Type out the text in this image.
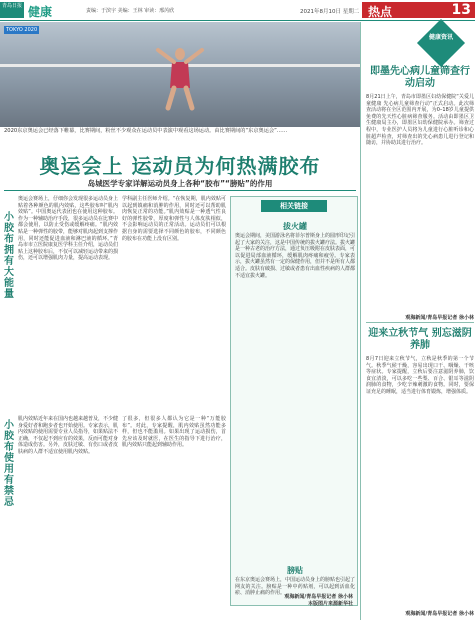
青岛日报 健康	责编：于滨宇 美编：王林 审读：邢芮欣	2021年8月10日 星期二 热点	13
TOKYO 2020
2020东京奥运会已经落下帷幕，比赛期间，粉丝不少观众在运动员中表演中观看这场运动。由比赛期间的“东京奥运会”……
奥运会上 运动员为何热满胶布
岛城医学专家详解运动员身上各种“胶布”“膀贴”的作用
小胶布拥有大能量
小胶布使用有禁忌
奥运会赛场上，仔细你会发现很多运动员身上贴着各种颜色的肌内效贴，这些胶布叫“肌内效贴”。中国奥运代表团也在使用这种胶布。作为一种辅助治疗手段，很多运动员在比赛中都会使用，以防止受伤或缓解疼痛。“肌内效贴是一种弹性的胶带，能够对肌肉起到支撑作用，同时还能促进血液和淋巴液的循环。”青岛市市立医院康复医学科主任介绍，运动员们贴上这种胶布后，不仅可以减轻运动带来的损伤，还可以增强肌肉力量，提高运动表现。
肌内效贴近年来在国内也越来越普及，不少健身爱好者和跑步者也开始使用。专家表示，肌内效贴的使用需要专业人员指导，如果贴法不正确，不仅起不到应有的效果，反而可能对身体造成伤害。另外，皮肤过敏、有伤口或者皮肤病的人群不适宜使用肌内效贴。
学科副主任医师介绍。“在恢复期，肌内效贴可以起到镇痛和消肿的作用，同时还可以帮助肌肉恢复正常的功能。”肌内效贴是一种透气性良好的弹性胶带，厚度和弹性与人体皮肤相似，不会影响运动员的正常活动。运动员们可以根据自身的需要选择不同颜色的胶布，不同颜色的胶布在功能上没有区别。
了很多，但很多人都认为它是一种“万能胶布”。对此，专家提醒，肌内效贴虽然功能多样，但也不能滥用。如果出现了运动损伤，首先应该及时就医，在医生的指导下进行治疗，肌内效贴只能起到辅助作用。
相关链接
拔火罐
奥运会期间，美国游泳名将菲尔普斯身上的圆形印记引起了大家的关注，这是中国传统的拔火罐疗法。拔火罐是一种古老的治疗方法，通过负压吸附在皮肤表面，可以促进局部血液循环，缓解肌肉疼痛和疲劳。专家表示，拔火罐虽然有一定的保健作用，但并不是所有人都适合。皮肤有破损、过敏或者患有出血性疾病的人群都不适宜拔火罐。
膀贴
在东京奥运会赛场上，中国运动员身上的膀贴也引起了网友的关注。膀贴是一种中药贴剂，可以起到活血化瘀、消肿止痛的作用。
观海新闻/青岛早报记者 徐小林
本版图片来源新华社
健康资讯
即墨先心病儿童筛查行动启动
8月21日上午，青岛市即墨区妇幼保健院“关爱儿童健康 先心病儿童筛查行动”正式启动。此次筛查活动将在全区范围内开展，为0–18岁儿童提供免费的先天性心脏病筛查服务。活动由即墨区卫生健康局主办，即墨区妇幼保健院承办。筛查过程中，专业医护人员将为儿童进行心脏听诊和心脏超声检查，对筛查出的先心病患儿进行登记和随访，并协助其进行治疗。
观海新闻/青岛早报记者 徐小林
迎来立秋节气 别忘滋阴养肺
8月7日迎来立秋节气，立秋是秋季的第一个节气。秋季气候干燥，容易出现口干、咽燥、干咳等症状。专家提醒，立秋后要注意滋阴养肺，饮食宜清淡，可以多吃一些梨、百合、银耳等滋阴润肺的食物，少吃辛辣刺激的食物。同时，要保证充足的睡眠，适当进行体育锻炼，增强体质。
观海新闻/青岛早报记者 徐小林
